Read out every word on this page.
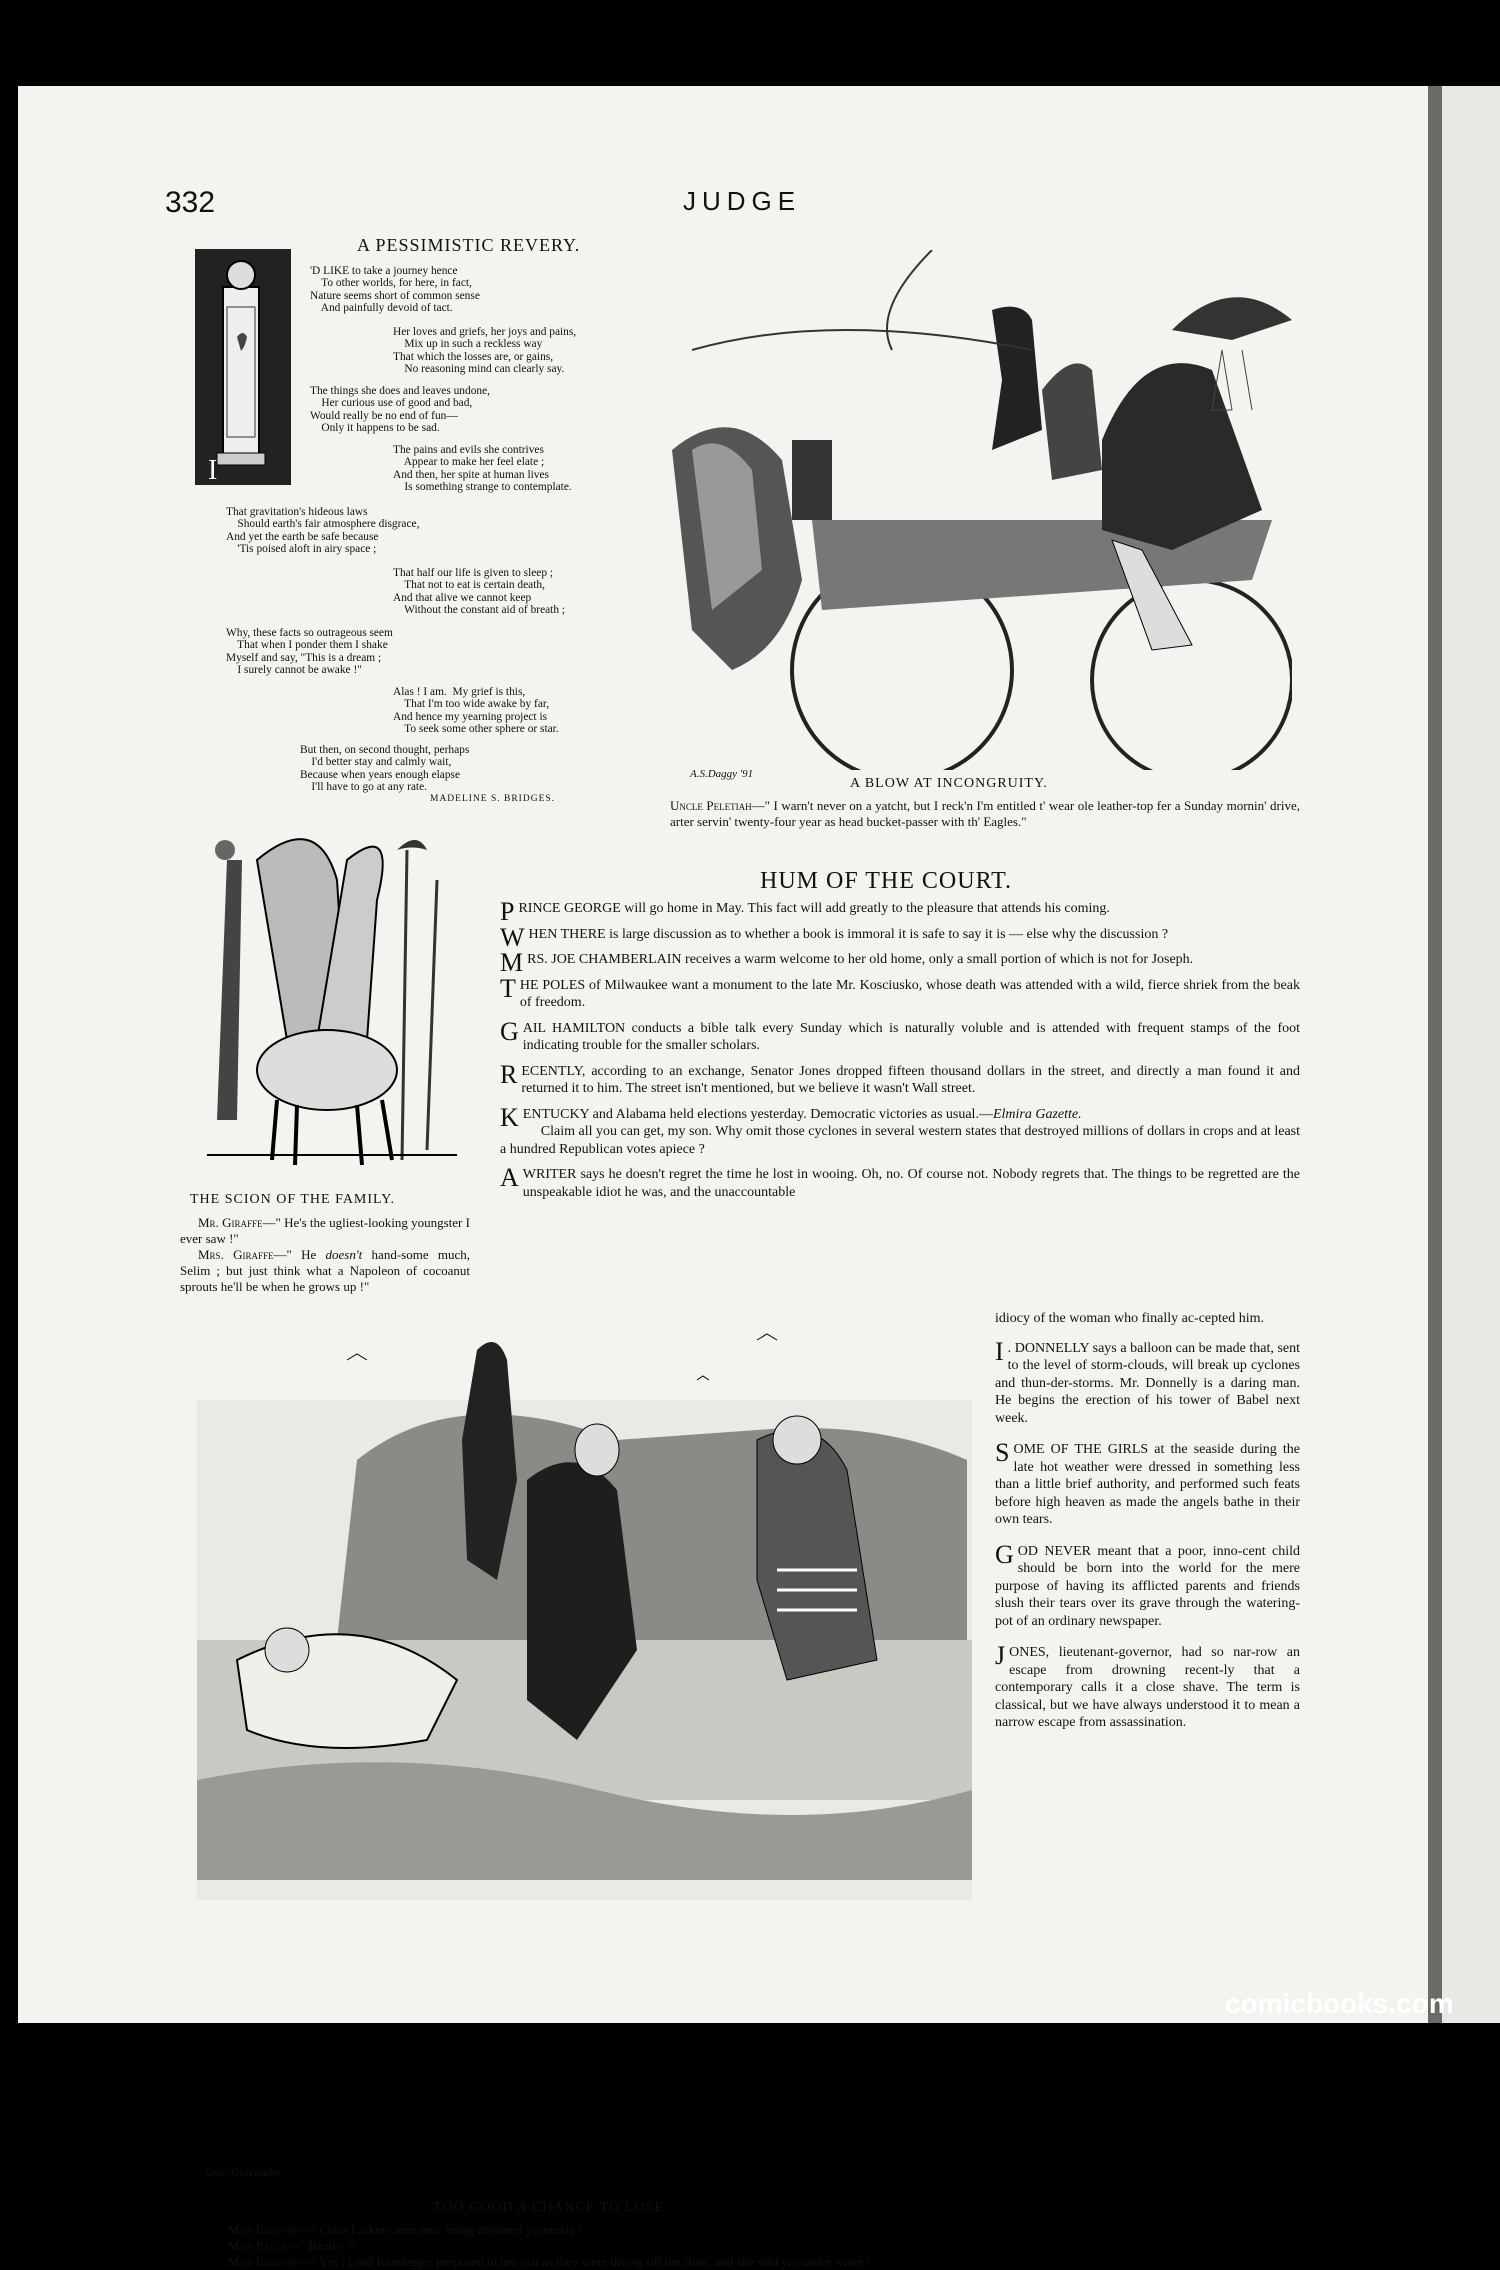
332	JUDGE
I
A PESSIMISTIC REVERY.
'D LIKE to take a journey hence
To other worlds, for here, in fact,
Nature seems short of common sense
And painfully devoid of tact.
Her loves and griefs, her joys and pains,
Mix up in such a reckless way
That which the losses are, or gains,
No reasoning mind can clearly say.
The things she does and leaves undone,
Her curious use of good and bad,
Would really be no end of fun—
Only it happens to be sad.
The pains and evils she contrives
Appear to make her feel elate ;
And then, her spite at human lives
Is something strange to contemplate.
That gravitation's hideous laws
Should earth's fair atmosphere disgrace,
And yet the earth be safe because
'Tis poised aloft in airy space ;
That half our life is given to sleep ;
That not to eat is certain death,
And that alive we cannot keep
Without the constant aid of breath ;
Why, these facts so outrageous seem
That when I ponder them I shake
Myself and say, "This is a dream ;
I surely cannot be awake !"
Alas ! I am.  My grief is this,
That I'm too wide awake by far,
And hence my yearning project is
To seek some other sphere or star.
But then, on second thought, perhaps
I'd better stay and calmly wait,
Because when years enough elapse
I'll have to go at any rate.
MADELINE S. BRIDGES.
A.S.Daggy '91
A BLOW AT INCONGRUITY.
Uncle Peletiah—" I warn't never on a yatcht, but I reck'n I'm entitled t' wear ole leather-top fer a Sunday mornin' drive, arter servin' twenty-four year as head bucket-passer with th' Eagles."
THE SCION OF THE FAMILY.

Mr. Giraffe—" He's the ugliest-looking youngster I ever saw !"

Mrs. Giraffe—" He doesn't hand-some much, Selim ; but just think what a Napoleon of cocoanut sprouts he'll be when he grows up !"

HUM OF THE COURT.

PRINCE GEORGE will go home in May. This fact will add greatly to the pleasure that attends his coming.

WHEN THERE is large discussion as to whether a book is immoral it is safe to say it is — else why the discussion ?

MRS. JOE CHAMBERLAIN receives a warm welcome to her old home, only a small portion of which is not for Joseph.

THE POLES of Milwaukee want a monument to the late Mr. Kosciusko, whose death was attended with a wild, fierce shriek from the beak of freedom.

GAIL HAMILTON conducts a bible talk every Sunday which is naturally voluble and is attended with frequent stamps of the foot indicating trouble for the smaller scholars.

RECENTLY, according to an exchange, Senator Jones dropped fifteen thousand dollars in the street, and directly a man found it and returned it to him. The street isn't mentioned, but we believe it wasn't Wall street.

KENTUCKY and Alabama held elections yesterday. Democratic victories as usual.—Elmira Gazette.
Claim all you can get, my son. Why omit those cyclones in several western states that destroyed millions of dollars in crops and at least a hundred Republican votes apiece ?

A WRITER says he doesn't regret the time he lost in wooing. Oh, no. Of course not. Nobody regrets that. The things to be regretted are the unspeakable idiot he was, and the unaccountable

idiocy of the woman who finally ac-cepted him.

I . DONNELLY says a balloon can be made that, sent to the level of storm-clouds, will break up cyclones and thun-der-storms. Mr. Donnelly is a daring man. He begins the erection of his tower of Babel next week.

SOME OF THE GIRLS at the seaside during the late hot weather were dressed in something less than a little brief authority, and performed such feats before high heaven as made the angels bathe in their own tears.

GOD NEVER meant that a poor, inno-cent child should be born into the world for the mere purpose of having its afflicted parents and friends slush their tears over its grave through the watering-pot of an ordinary newspaper.

JONES, lieutenant-governor, had so nar-row an escape from drowning recent-ly that a contemporary calls it a close shave. The term is classical, but we have always understood it to mean a narrow escape from assassination.

Geo. Gutcombe
TOO GOOD A CHANCE TO LOSE.
Miss Erneste—" Clara Larker came near being drowned yesterday."
Miss Paule—" Really ?"
Miss Erneste—" Yes ; Lord Randegger proposed to her just as they were diving off the float, and she said yes under water."
comicbooks.com
